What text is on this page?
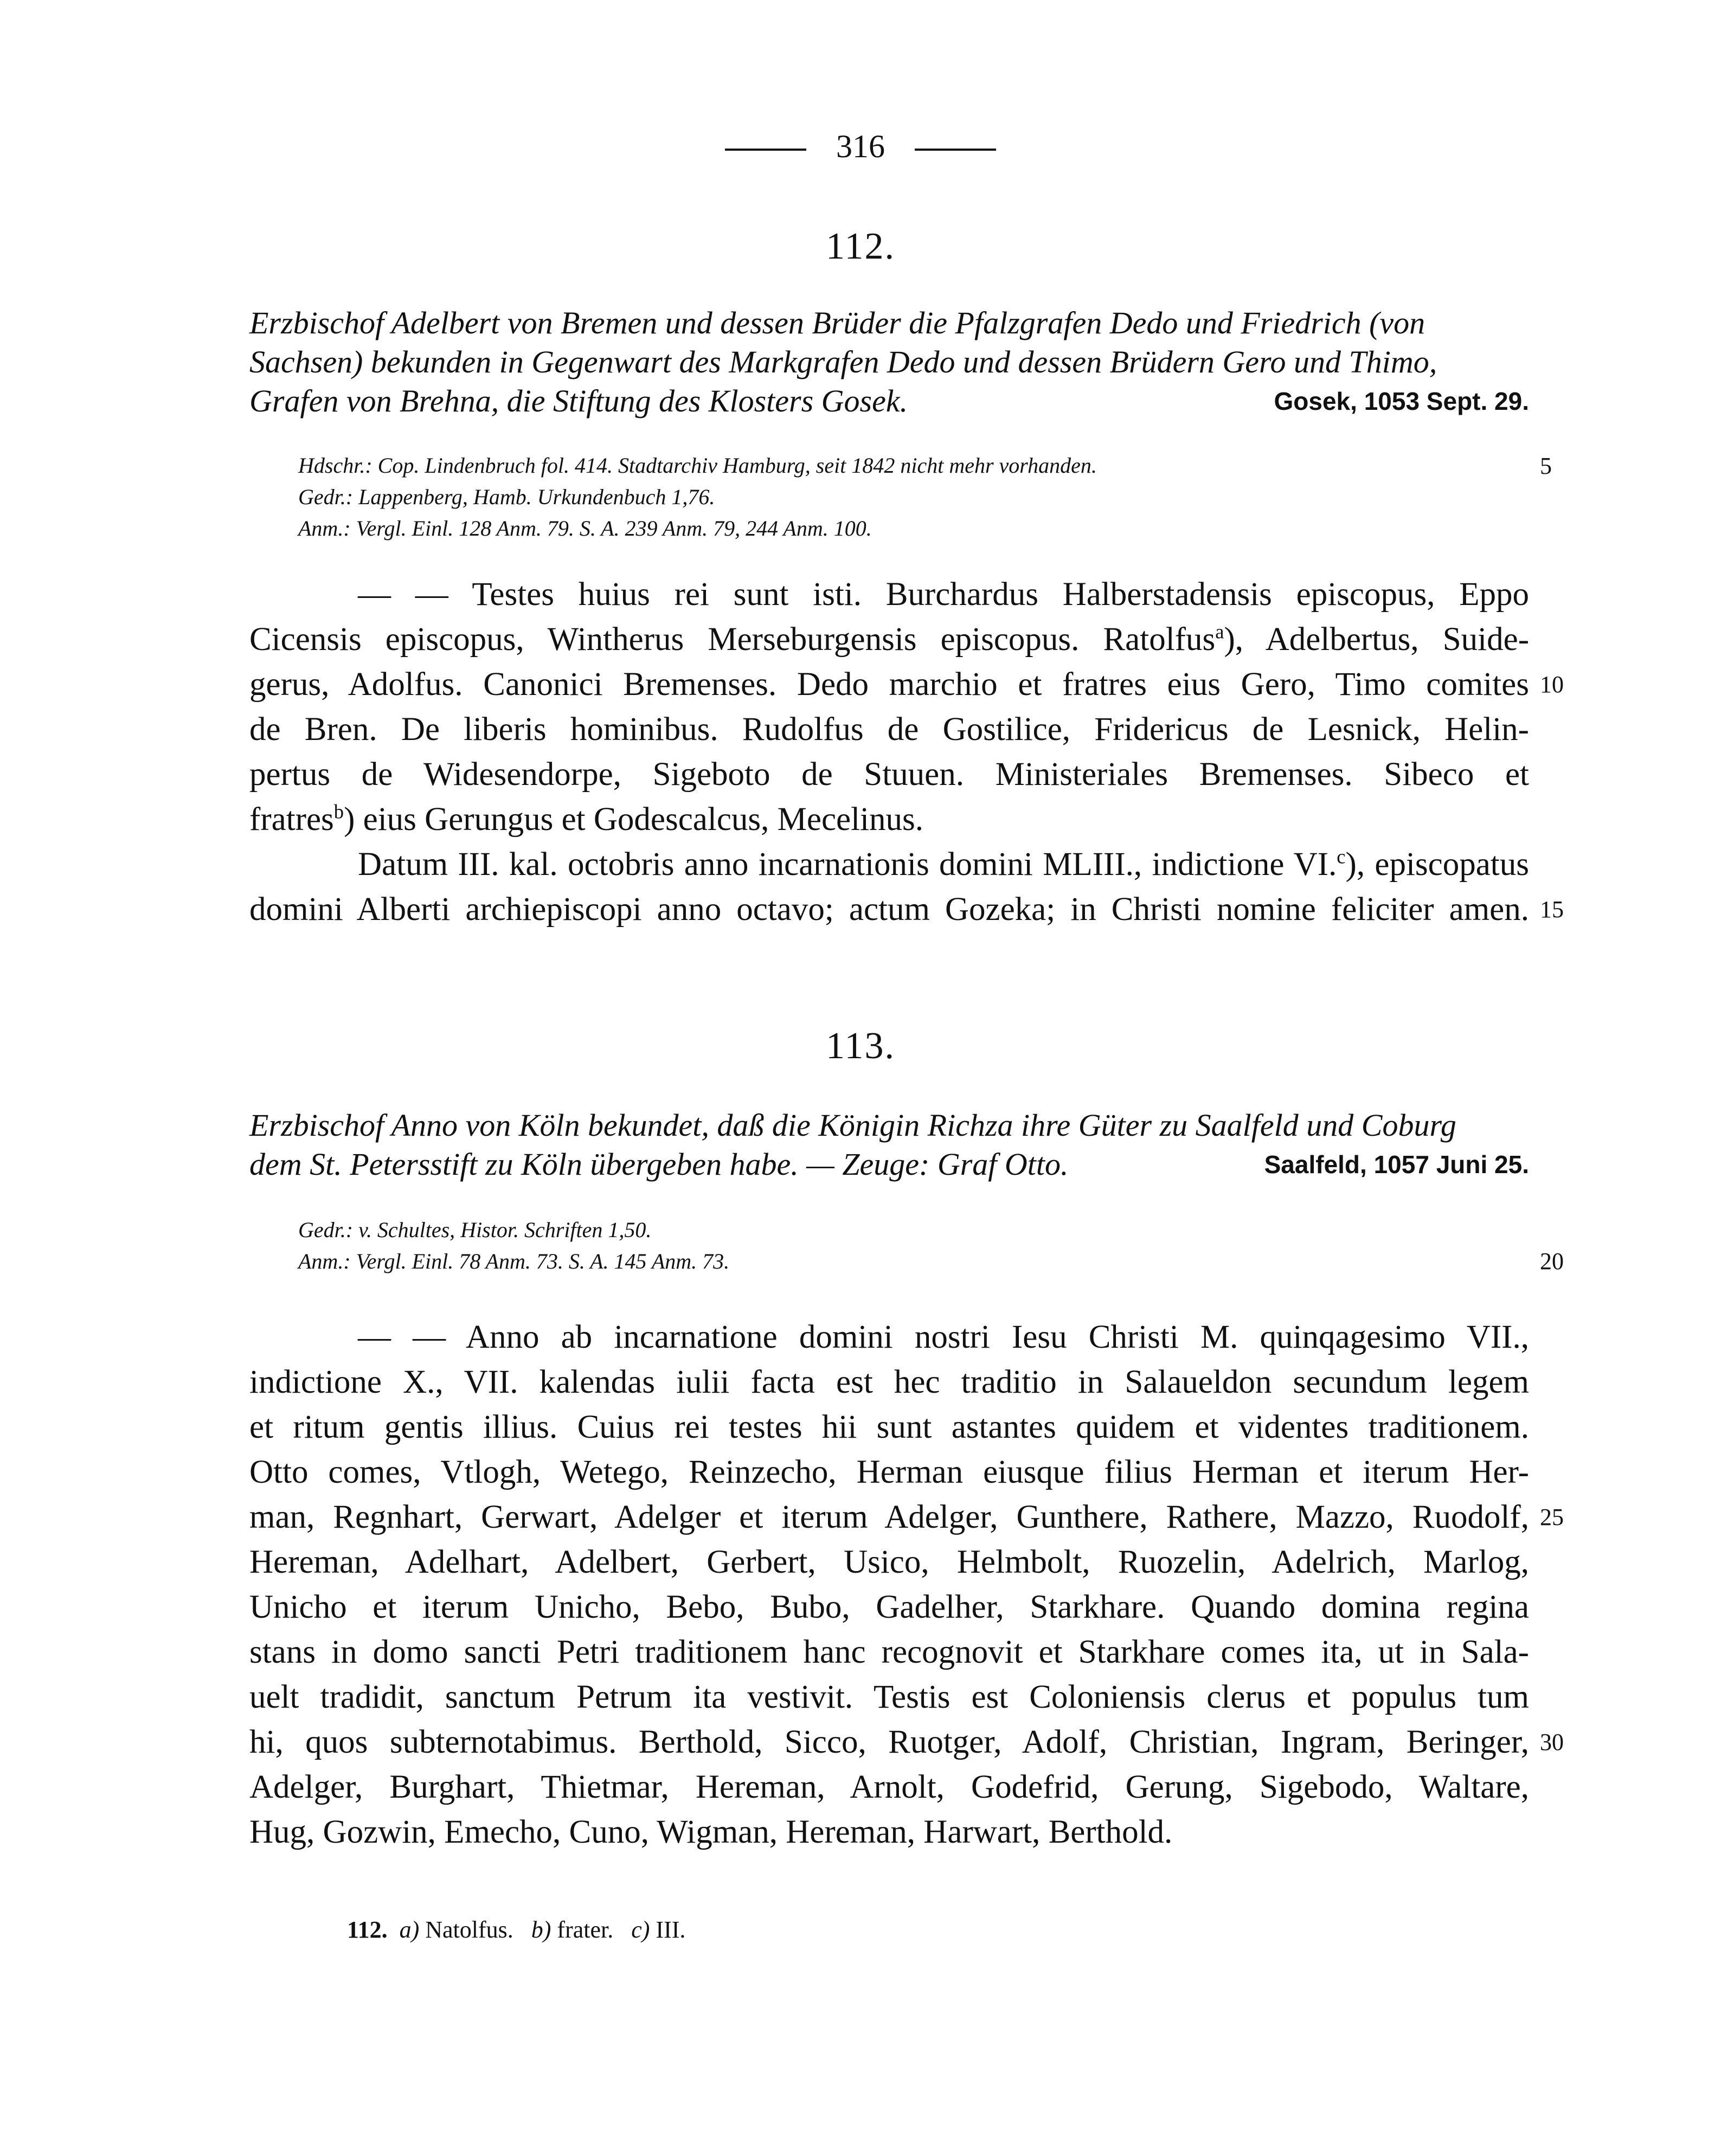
316
112.
Erzbischof Adelbert von Bremen und dessen Brüder die Pfalzgrafen Dedo und Friedrich (von
Sachsen) bekunden in Gegenwart des Markgrafen Dedo und dessen Brüdern Gero und Thimo,
Gosek, 1053 Sept. 29.
Grafen von Brehna, die Stiftung des Klosters Gosek.
Hdschr.: Cop. Lindenbruch fol. 414. Stadtarchiv Hamburg, seit 1842 nicht mehr vorhanden.
Gedr.: Lappenberg, Hamb. Urkundenbuch 1,76.
Anm.: Vergl. Einl. 128 Anm. 79. S. A. 239 Anm. 79, 244 Anm. 100.
5
— — Testes huius rei sunt isti. Burchardus Halberstadensis episcopus, Eppo
Cicensis episcopus, Wintherus Merseburgensis episcopus. Ratolfus$^a$), Adelbertus, Suide-
gerus, Adolfus. Canonici Bremenses. Dedo marchio et fratres eius Gero, Timo comites
de Bren. De liberis hominibus. Rudolfus de Gostilice, Fridericus de Lesnick, Helin-
pertus de Widesendorpe, Sigeboto de Stuuen. Ministeriales Bremenses. Sibeco et
fratres$^b$) eius Gerungus et Godescalcus, Mecelinus.
Datum III. kal. octobris anno incarnationis domini MLIII., indictione VI.$^c$), episcopatus
domini Alberti archiepiscopi anno octavo; actum Gozeka; in Christi nomine feliciter amen.
10
15
113.
Erzbischof Anno von Köln bekundet, daß die Königin Richza ihre Güter zu Saalfeld und Coburg
Saalfeld, 1057 Juni 25.
dem St. Petersstift zu Köln übergeben habe. — Zeuge: Graf Otto.
Gedr.: v. Schultes, Histor. Schriften 1,50.
Anm.: Vergl. Einl. 78 Anm. 73. S. A. 145 Anm. 73.	20
— — Anno ab incarnatione domini nostri Iesu Christi M. quinqagesimo VII.,
indictione X., VII. kalendas iulii facta est hec traditio in Salaueldon secundum legem
et ritum gentis illius. Cuius rei testes hii sunt astantes quidem et videntes traditionem.
Otto comes, Vtlogh, Wetego, Reinzecho, Herman eiusque filius Herman et iterum Her-
man, Regnhart, Gerwart, Adelger et iterum Adelger, Gunthere, Rathere, Mazzo, Ruodolf,
Hereman, Adelhart, Adelbert, Gerbert, Usico, Helmbolt, Ruozelin, Adelrich, Marlog,
Unicho et iterum Unicho, Bebo, Bubo, Gadelher, Starkhare. Quando domina regina
stans in domo sancti Petri traditionem hanc recognovit et Starkhare comes ita, ut in Sala-
uelt tradidit, sanctum Petrum ita vestivit. Testis est Coloniensis clerus et populus tum
hi, quos subternotabimus. Berthold, Sicco, Ruotger, Adolf, Christian, Ingram, Beringer,
Adelger, Burghart, Thietmar, Hereman, Arnolt, Godefrid, Gerung, Sigebodo, Waltare,
Hug, Gozwin, Emecho, Cuno, Wigman, Hereman, Harwart, Berthold.
25
30
112. a) Natolfus. b) frater. c) III.
